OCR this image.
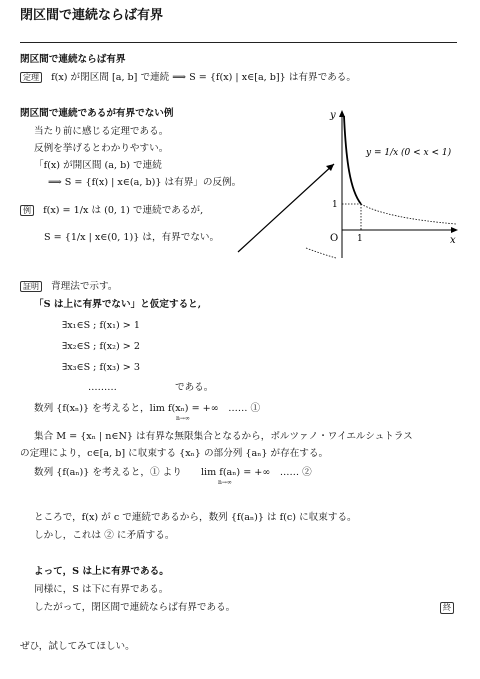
閉区間で連続ならば有界
閉区間で連続ならば有界
定理 f(x) が閉区間 [a, b] で連続 ⟹ S = {f(x) | x∈[a, b]} は有界である。
閉区間で連続であるが有界でない例
当たり前に感じる定理である。
反例を挙げるとわかりやすい。
「f(x) が開区間 (a, b) で連続
⟹ S = {f(x) | x∈(a, b)} は有界」の反例。
例 f(x) = 1/x は (0, 1) で連続であるが,
S = {1/x | x∈(0, 1)} は，有界でない。
y
x
O 1
1
y = 1/x (0 < x < 1)
証明 背理法で示す。
「S は上に有界でない」と仮定すると,
∃x₁∈S ; f(x₁) > 1
∃x₂∈S ; f(x₂) > 2
∃x₃∈S ; f(x₃) > 3
………	である。
数列 {f(xₙ)} を考えると，lim f(xₙ) = +∞　…… ①
n→∞
集合 M = {xₙ | n∈N} は有界な無限集合となるから，ボルツァノ・ワイエルシュトラス
の定理により，c∈[a, b] に収束する {xₙ} の部分列 {aₙ} が存在する。
数列 {f(aₙ)} を考えると，① より　　lim f(aₙ) = +∞　…… ②
n→∞
ところで，f(x) が c で連続であるから，数列 {f(aₙ)} は f(c) に収束する。
しかし，これは ② に矛盾する。
よって，S は上に有界である。
同様に，S は下に有界である。
したがって，閉区間で連続ならば有界である。	終
ぜひ，試してみてほしい。
